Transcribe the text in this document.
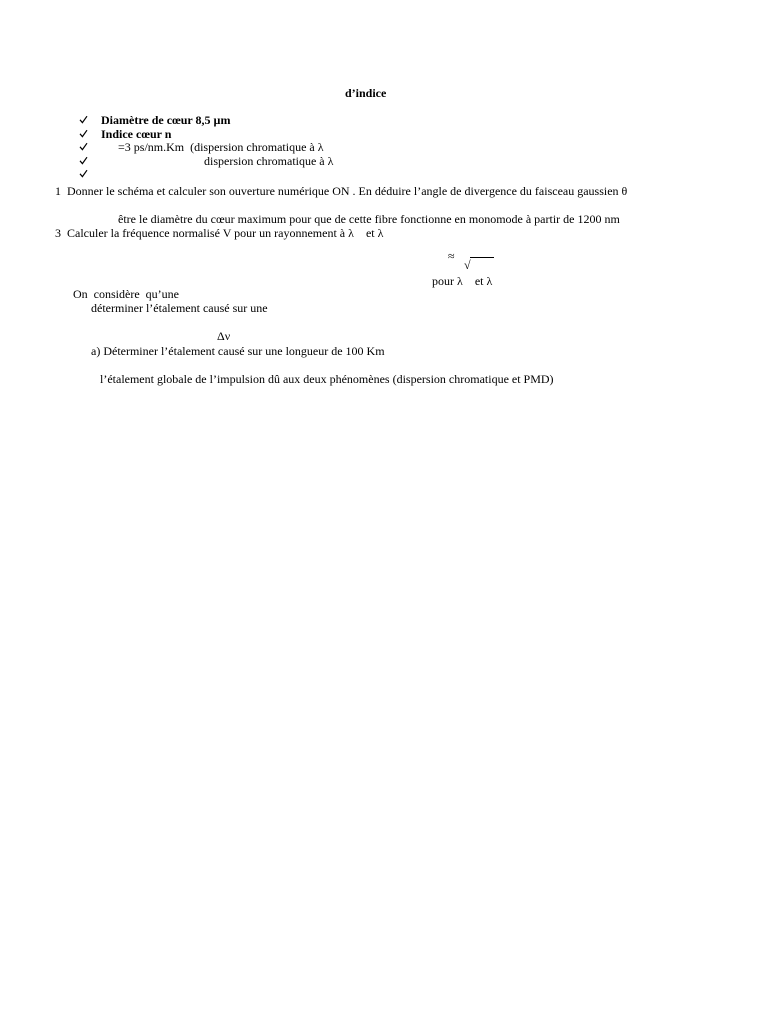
d’indice
Diamètre de cœur 8,5 µm
Indice cœur n
=3 ps/nm.Km  (dispersion chromatique à λ
dispersion chromatique à λ
1  Donner le schéma et calculer son ouverture numérique ON . En déduire l’angle de divergence du faisceau gaussien θ
être le diamètre du cœur maximum pour que de cette fibre fonctionne en monomode à partir de 1200 nm
3  Calculer la fréquence normalisé V pour un rayonnement à λ    et λ
≈
√
pour λ    et λ
On  considère  qu’une
déterminer l’étalement causé sur une
Δν
a) Déterminer l’étalement causé sur une longueur de 100 Km
l’étalement globale de l’impulsion dû aux deux phénomènes (dispersion chromatique et PMD)
